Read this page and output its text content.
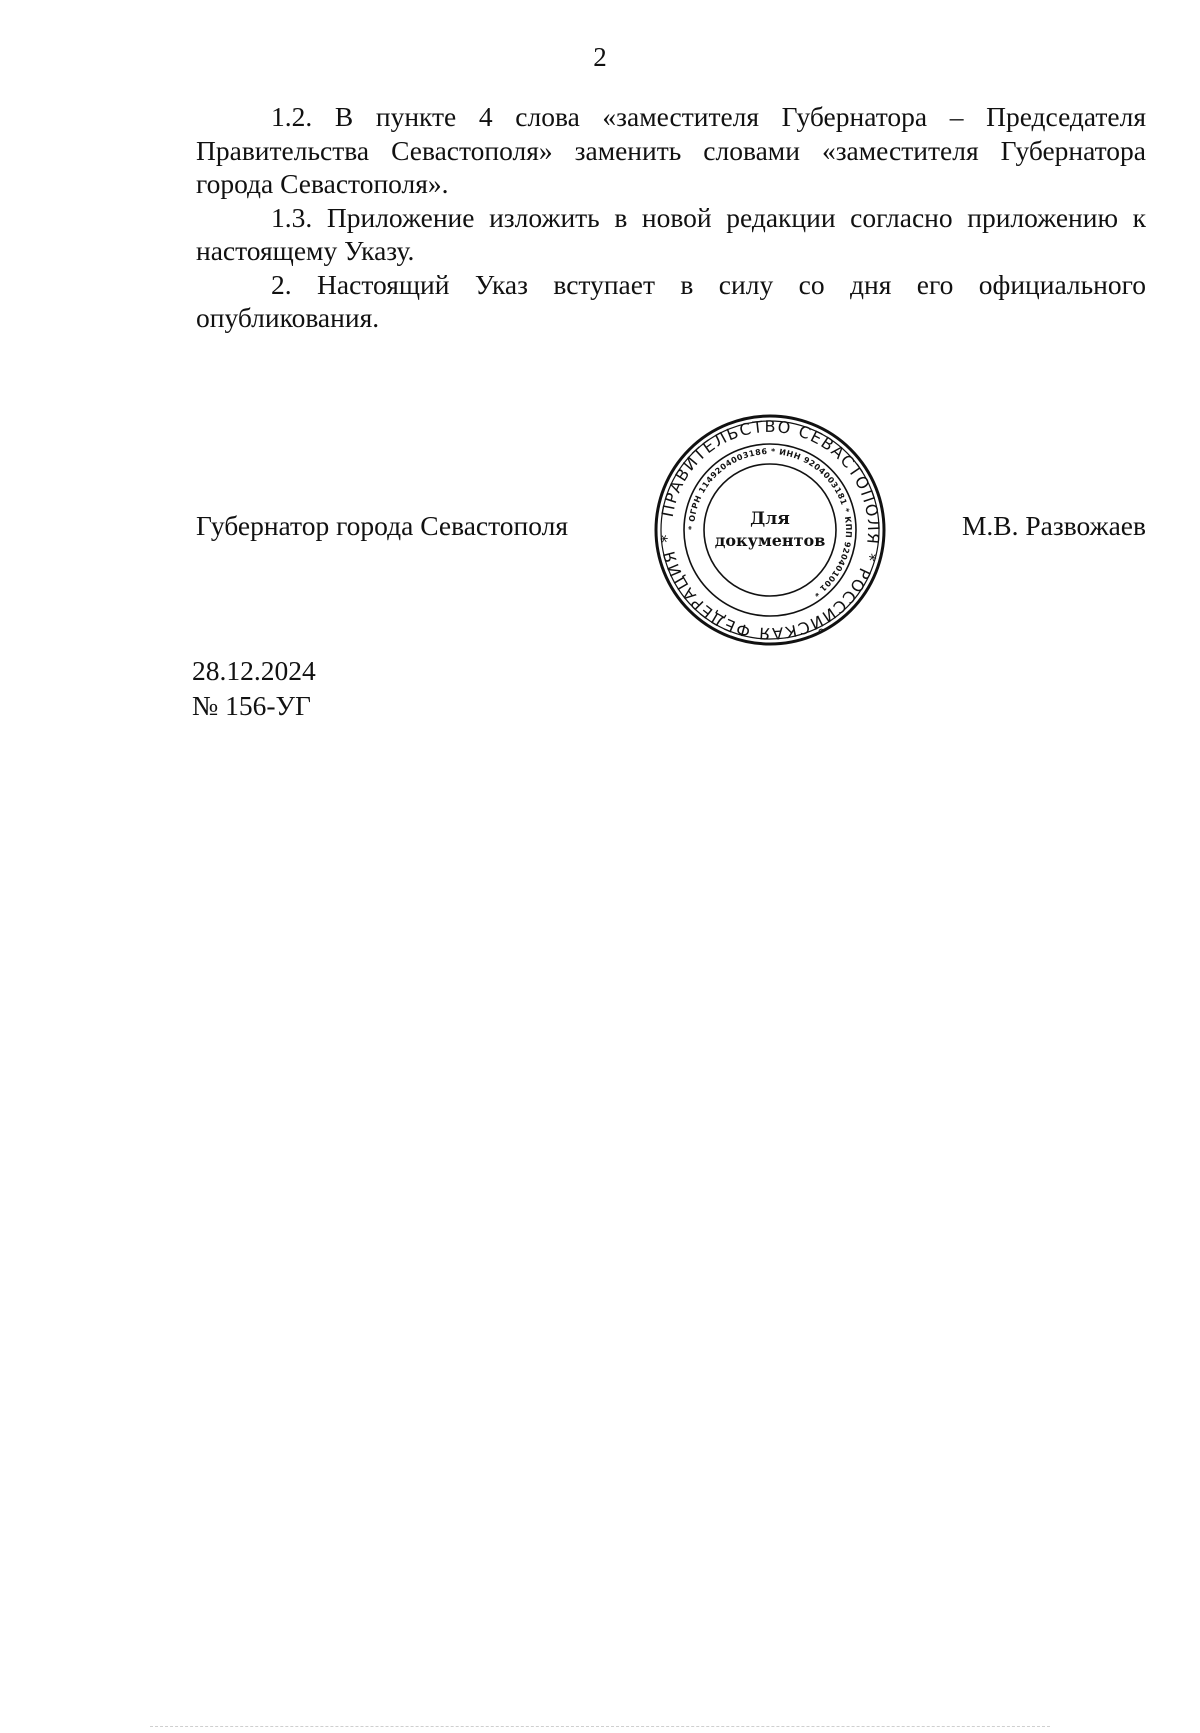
2

1.2. В пункте 4 слова «заместителя Губернатора – Председателя Правительства Севастополя» заменить словами «заместителя Губернатора города Севастополя».

1.3. Приложение изложить в новой редакции согласно приложению к настоящему Указу.

2. Настоящий Указ вступает в силу со дня его официального опубликования.

Губернатор города Севастополя	М.В. Развожаев
ПРАВИТЕЛЬСТВО СЕВАСТОПОЛЯ * РОССИЙСКАЯ ФЕДЕРАЦИЯ *
* ОГРН 1149204003186 * ИНН 9204003181 * КПП 920401001 *
Для
документов
28.12.2024
№ 156-УГ
